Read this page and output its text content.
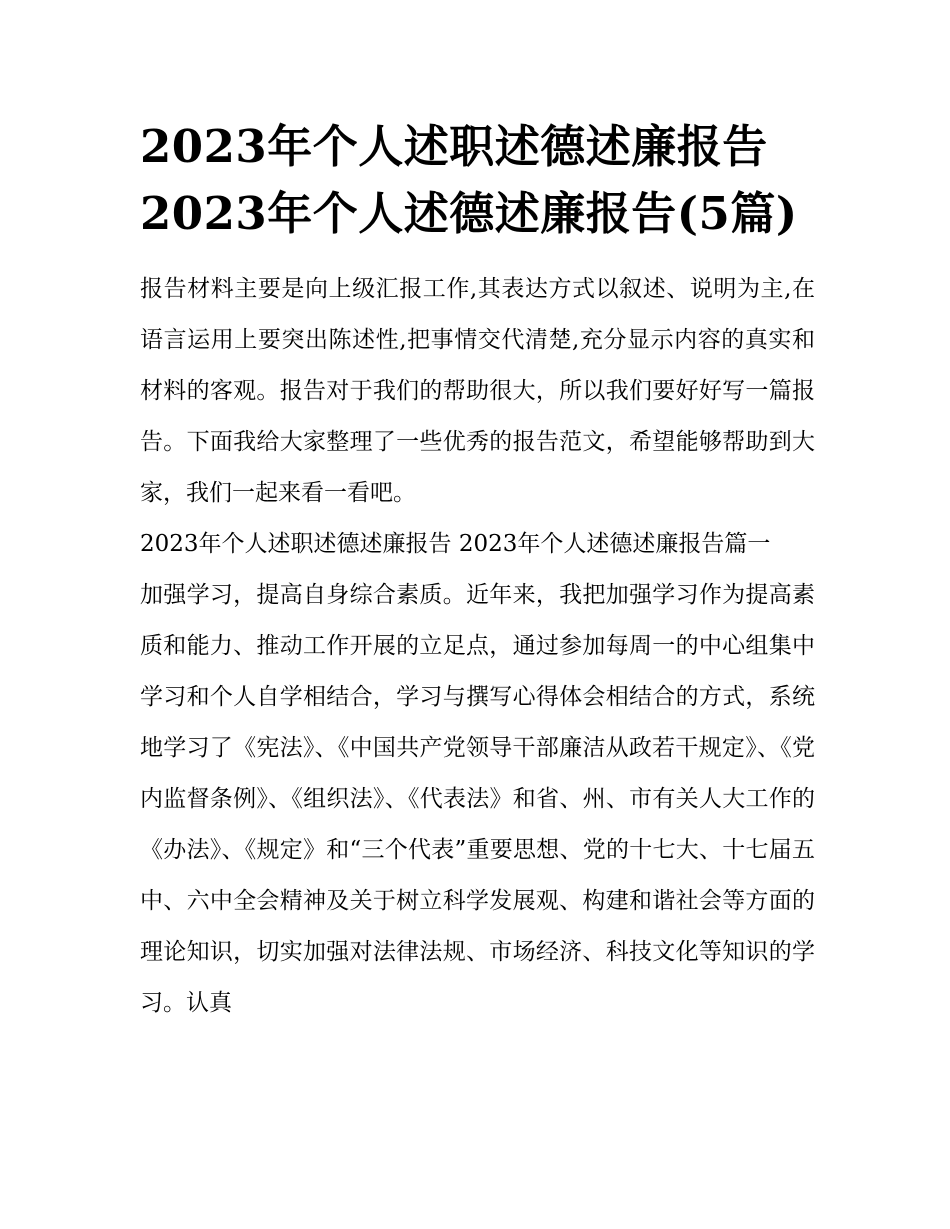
2023年个人述职述德述廉报告 2023年个人述德述廉报告(5篇)

报告材料主要是向上级汇报工作,其表达方式以叙述、说明为主,在语言运用上要突出陈述性,把事情交代清楚,充分显示内容的真实和材料的客观。报告对于我们的帮助很大，所以我们要好好写一篇报告。下面我给大家整理了一些优秀的报告范文，希望能够帮助到大家，我们一起来看一看吧。

2023年个人述职述德述廉报告 2023年个人述德述廉报告篇一

加强学习，提高自身综合素质。近年来，我把加强学习作为提高素质和能力、推动工作开展的立足点，通过参加每周一的中心组集中学习和个人自学相结合，学习与撰写心得体会相结合的方式，系统地学习了《宪法》、《中国共产党领导干部廉洁从政若干规定》、《党内监督条例》、《组织法》、《代表法》和省、州、市有关人大工作的《办法》、《规定》和“三个代表”重要思想、党的十七大、十七届五中、六中全会精神及关于树立科学发展观、构建和谐社会等方面的理论知识，切实加强对法律法规、市场经济、科技文化等知识的学习。认真
